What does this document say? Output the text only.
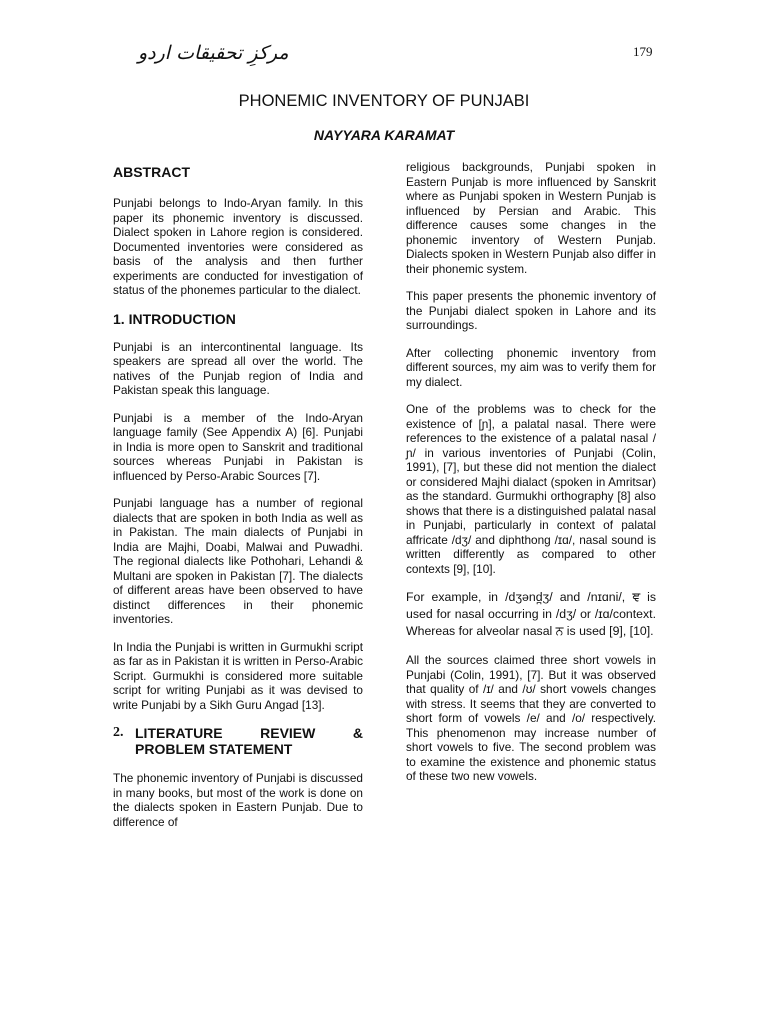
مرکزِ تحقیقات اردو	179
PHONEMIC INVENTORY OF PUNJABI
NAYYARA KARAMAT
ABSTRACT

Punjabi belongs to Indo-Aryan family. In this paper its phonemic inventory is discussed. Dialect spoken in Lahore region is considered. Documented inventories were considered as basis of the analysis and then further experiments are conducted for investigation of status of the phonemes particular to the dialect.

1. INTRODUCTION

Punjabi is an intercontinental language. Its speakers are spread all over the world. The natives of the Punjab region of India and Pakistan speak this language.

Punjabi is a member of the Indo-Aryan language family (See Appendix A) [6]. Punjabi in India is more open to Sanskrit and traditional sources whereas Punjabi in Pakistan is influenced by Perso-Arabic Sources [7].

Punjabi language has a number of regional dialects that are spoken in both India as well as in Pakistan. The main dialects of Punjabi in India are Majhi, Doabi, Malwai and Puwadhi. The regional dialects like Pothohari, Lehandi & Multani are spoken in Pakistan [7]. The dialects of different areas have been observed to have distinct differences in their phonemic inventories.

In India the Punjabi is written in Gurmukhi script as far as in Pakistan it is written in Perso-Arabic Script. Gurmukhi is considered more suitable script for writing Punjabi as it was devised to write Punjabi by a Sikh Guru Angad [13].

2. LITERATURE	REVIEW	&
PROBLEM STATEMENT

The phonemic inventory of Punjabi is discussed in many books, but most of the work is done on the dialects spoken in Eastern Punjab. Due to difference of

religious backgrounds, Punjabi spoken in Eastern Punjab is more influenced by Sanskrit where as Punjabi spoken in Western Punjab is influenced by Persian and Arabic. This difference causes some changes in the phonemic inventory of Western Punjab. Dialects spoken in Western Punjab also differ in their phonemic system.

This paper presents the phonemic inventory of the Punjabi dialect spoken in Lahore and its surroundings.

After collecting phonemic inventory from different sources, my aim was to verify them for my dialect.

One of the problems was to check for the existence of [ɲ], a palatal nasal. There were references to the existence of a palatal nasal /ɲ/ in various inventories of Punjabi (Colin, 1991), [7], but these did not mention the dialect or considered Majhi dialact (spoken in Amritsar) as the standard. Gurmukhi orthography [8] also shows that there is a distinguished palatal nasal in Punjabi, particularly in context of palatal affricate /dʒ/ and diphthong /ɪɑ/, nasal sound is written differently as compared to other contexts [9], [10].

For example, in /dʒənd̪ʒ/ and /nɪɑni/, ਞ is used for nasal occurring in /dʒ/ or /ɪɑ/context. Whereas for alveolar nasal ਨ is used [9], [10].

All the sources claimed three short vowels in Punjabi (Colin, 1991), [7]. But it was observed that quality of /ɪ/ and /ʊ/ short vowels changes with stress. It seems that they are converted to short form of vowels /e/ and /o/ respectively. This phenomenon may increase number of short vowels to five. The second problem was to examine the existence and phonemic status of these two new vowels.
